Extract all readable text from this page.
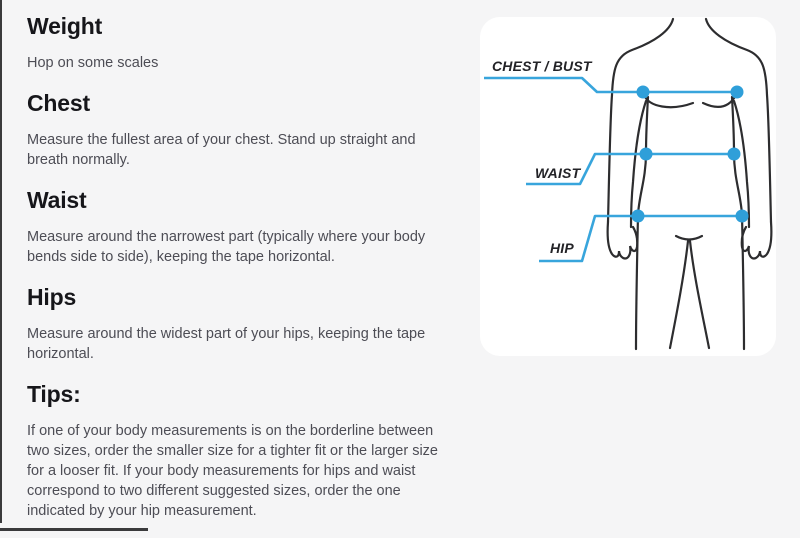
Weight

Hop on some scales

Chest

Measure the fullest area of your chest. Stand up straight and breath normally.

Waist

Measure around the narrowest part (typically where your body bends side to side), keeping the tape horizontal.

Hips

Measure around the widest part of your hips, keeping the tape horizontal.

Tips:

If one of your body measurements is on the borderline between two sizes, order the smaller size for a tighter fit or the larger size for a looser fit. If your body measurements for hips and waist correspond to two different suggested sizes, order the one indicated by your hip measurement.

CHEST / BUST
WAIST
HIP
